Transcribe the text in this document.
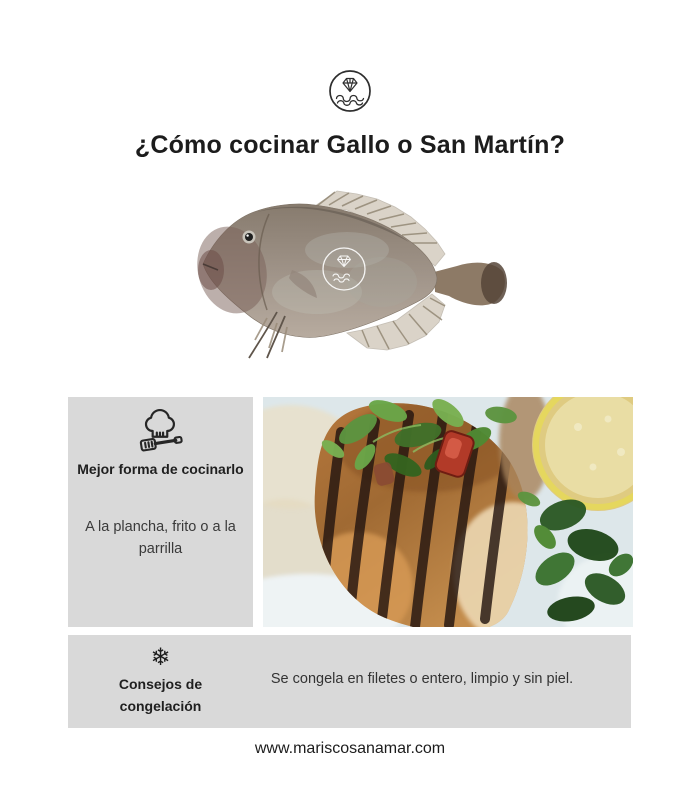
¿Cómo cocinar Gallo o San Martín?
Mejor forma de cocinarlo
A la plancha, frito o a la parrilla
❄
Consejos de congelación
Se congela en filetes o entero, limpio y sin piel.
www.mariscosanamar.com
